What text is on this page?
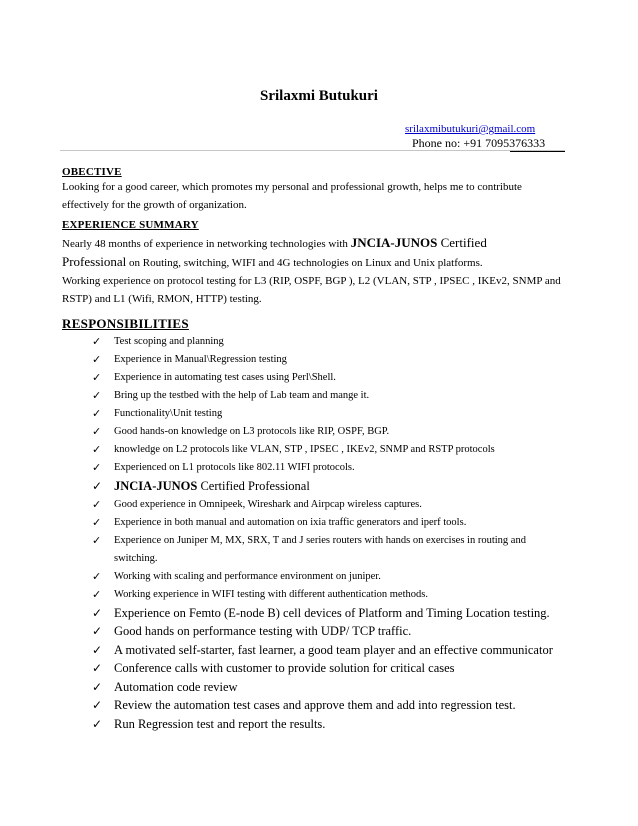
Srilaxmi Butukuri
srilaxmibutukuri@gmail.com
Phone no: +91 7095376333
OBECTIVE
Looking for a good career, which promotes my personal and professional growth, helps me to contribute effectively for the growth of organization.
EXPERIENCE SUMMARY
Nearly 48 months of experience in networking technologies with JNCIA-JUNOS Certified
Professional on Routing, switching, WIFI and 4G technologies on Linux and Unix platforms.
Working experience on protocol testing for L3 (RIP, OSPF, BGP ), L2 (VLAN, STP , IPSEC , IKEv2, SNMP and RSTP) and L1 (Wifi, RMON, HTTP) testing.
RESPONSIBILITIES
✓ Test scoping and planning
✓ Experience in Manual\Regression testing
✓ Experience in automating test cases using Perl\Shell.
✓ Bring up the testbed with the help of Lab team and mange it.
✓ Functionality\Unit testing
✓ Good hands-on knowledge on L3 protocols like RIP, OSPF, BGP.
✓ knowledge on L2 protocols like VLAN, STP , IPSEC , IKEv2, SNMP and RSTP protocols
✓ Experienced on L1 protocols like 802.11 WIFI protocols.
✓ JNCIA-JUNOS Certified Professional
✓ Good experience in Omnipeek, Wireshark and Airpcap wireless captures.
✓ Experience in both manual and automation on ixia traffic generators and iperf tools.
✓ Experience on Juniper M, MX, SRX, T and J series routers with hands on exercises in routing and switching.
✓ Working with scaling and performance environment on juniper.
✓ Working experience in WIFI testing with different authentication methods.
✓ Experience on Femto (E-node B) cell devices of Platform and Timing Location testing.
✓ Good hands on performance testing with UDP/ TCP traffic.
✓ A motivated self-starter, fast learner, a good team player and an effective communicator
✓ Conference calls with customer to provide solution for critical cases
✓ Automation code review
✓ Review the automation test cases and approve them and add into regression test.
✓ Run Regression test and report the results.
